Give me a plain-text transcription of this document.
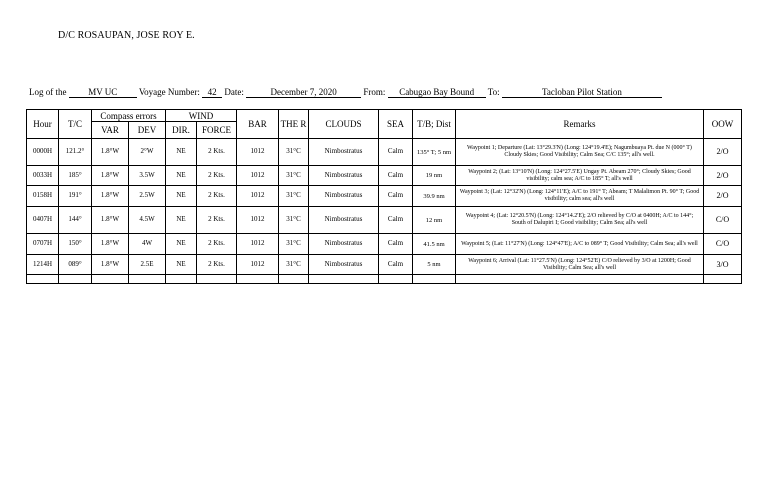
D/C ROSAUPAN, JOSE ROY E.
Log of the MV UC Voyage Number: 42 Date:	December 7, 2020	From: Cabugao Bay Bound To:	Tacloban Pilot Station
Hour	T/C	Compass errors		WIND		BAR	THE R	CLOUDS	SEA	T/B; Dist	Remarks	OOW
		VAR	DEV	DIR.	FORCE							
0000H	121.2°	1.8°W	2°W	NE	2 Kts.	1012	31°C	Nimbostratus	Calm	135° T; 5 nm	Waypoint 1; Departure (Lat: 13°29.3'N) (Long: 124°19.4'E); Nagumbuaya Pt. due N (000° T) Cloudy Skies; Good Visibility; Calm Sea; C/C 135°; all's well.	2/O
0033H	185°	1.8°W	3.5W	NE	2 Kts.	1012	31°C	Nimbostratus	Calm	19 nm	Waypoint 2; (Lat: 13°10'N) (Long: 124°27.5'E) Ungay Pt. Abeam 270°; Cloudy Skies; Good visibility; calm sea; A/C to 185° T; all's well	2/O
0158H	191°	1.8°W	2.5W	NE	2 Kts.	1012	31°C	Nimbostratus	Calm	39.9 nm	Waypoint 3; (Lat: 12°32'N) (Long: 124°11'E); A/C to 191° T; Abeam; T Malalimon Pt. 90° T; Good visibility; calm sea; all's well	2/O
0407H	144°	1.8°W	4.5W	NE	2 Kts.	1012	31°C	Nimbostratus	Calm	12 nm	Waypoint 4; (Lat: 12°20.5'N) (Long: 124°14.2'E); 2/O relieved by C/O at 0400H; A/C to 144°; South of Dalupiri I; Good visibility; Calm Sea; all's well	C/O
0707H	150°	1.8°W	4W	NE	2 Kts.	1012	31°C	Nimbostratus	Calm	41.5 nm	Waypoint 5; (Lat: 11°27'N) (Long: 124°47'E); A/C to 089° T; Good Visibility; Calm Sea; all's well	C/O
1214H	089°	1.8°W	2.5E	NE	2 Kts.	1012	31°C	Nimbostratus	Calm	5 nm	Waypoint 6; Arrival (Lat: 11°27.5'N) (Long: 124°52'E) C/O relieved by 3/O at 1200H; Good Visibility; Calm Sea; all's well	3/O
